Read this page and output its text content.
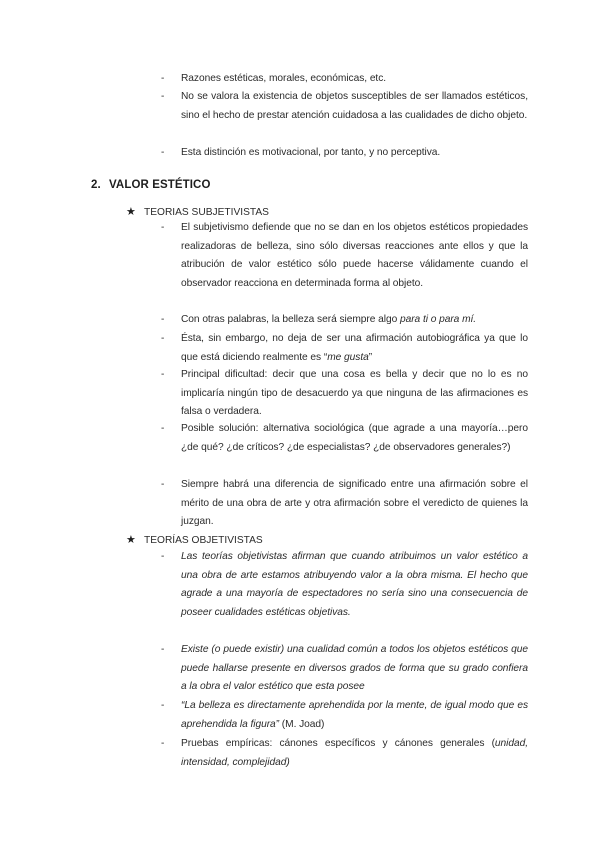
- Razones estéticas, morales, económicas, etc.
- No se valora la existencia de objetos susceptibles de ser llamados estéticos, sino el hecho de prestar atención cuidadosa a las cualidades de dicho objeto.
- Esta distinción es motivacional, por tanto, y no perceptiva.
2. VALOR ESTÉTICO
★ TEORIAS SUBJETIVISTAS
- El subjetivismo defiende que no se dan en los objetos estéticos propiedades realizadoras de belleza, sino sólo diversas reacciones ante ellos y que la atribución de valor estético sólo puede hacerse válidamente cuando el observador reacciona en determinada forma al objeto.
- Con otras palabras, la belleza será siempre algo para ti o para mí.
- Ésta, sin embargo, no deja de ser una afirmación autobiográfica ya que lo que está diciendo realmente es “me gusta”
- Principal dificultad: decir que una cosa es bella y decir que no lo es no implicaría ningún tipo de desacuerdo ya que ninguna de las afirmaciones es falsa o verdadera.
- Posible solución: alternativa sociológica (que agrade a una mayoría…pero ¿de qué? ¿de críticos? ¿de especialistas? ¿de observadores generales?)
- Siempre habrá una diferencia de significado entre una afirmación sobre el mérito de una obra de arte y otra afirmación sobre el veredicto de quienes la juzgan.
★ TEORÍAS OBJETIVISTAS
- Las teorías objetivistas afirman que cuando atribuimos un valor estético a una obra de arte estamos atribuyendo valor a la obra misma. El hecho que agrade a una mayoría de espectadores no sería sino una consecuencia de poseer cualidades estéticas objetivas.
- Existe (o puede existir) una cualidad común a todos los objetos estéticos que puede hallarse presente en diversos grados de forma que su grado confiera a la obra el valor estético que esta posee
- “La belleza es directamente aprehendida por la mente, de igual modo que es aprehendida la figura” (M. Joad)
- Pruebas empíricas: cánones específicos y cánones generales (unidad, intensidad, complejidad)
